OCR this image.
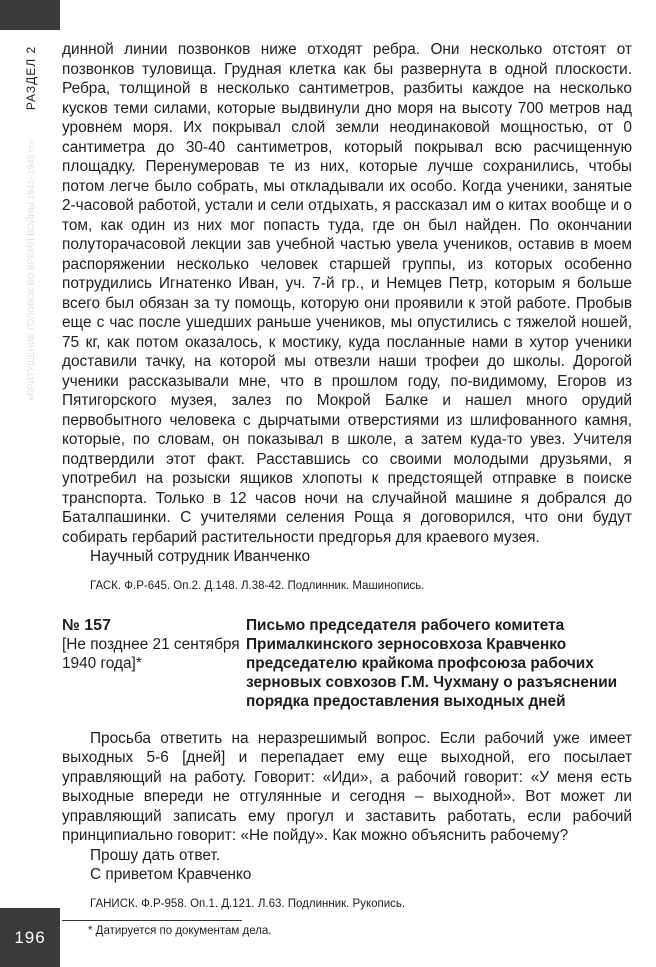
РАЗДЕЛ 2
«ПРИТУШЕНИЕ ГОЛОВОК ВО ВРЕМЯ ВОЙНЫ 1941–1945 гг.»

динной линии позвонков ниже отходят ребра. Они несколько отстоят от позвонков туловища. Грудная клетка как бы развернута в одной плоскости. Ребра, толщиной в несколько сантиметров, разбиты каждое на несколько кусков теми силами, которые выдвинули дно моря на высоту 700 метров над уровнем моря. Их покрывал слой земли неодинаковой мощностью, от 0 сантиметра до 30-40 сантиметров, который покрывал всю расчищенную площадку. Перенумеровав те из них, которые лучше сохранились, чтобы потом легче было собрать, мы откладывали их особо. Когда ученики, занятые 2-часовой работой, устали и сели отдыхать, я рассказал им о китах вообще и о том, как один из них мог попасть туда, где он был найден. По окончании полуторачасовой лекции зав учебной частью увела учеников, оставив в моем распоряжении несколько человек старшей группы, из которых особенно потрудились Игнатенко Иван, уч. 7-й гр., и Немцев Петр, которым я больше всего был обязан за ту помощь, которую они проявили к этой работе. Пробыв еще с час после ушедших раньше учеников, мы опустились с тяжелой ношей, 75 кг, как потом оказалось, к мостику, куда посланные нами в хутор ученики доставили тачку, на которой мы отвезли наши трофеи до школы. Дорогой ученики рассказывали мне, что в прошлом году, по-видимому, Егоров из Пятигорского музея, залез по Мокрой Балке и нашел много орудий первобытного человека с дырчатыми отверстиями из шлифованного камня, которые, по словам, он показывал в школе, а затем куда-то увез. Учителя подтвердили этот факт. Расставшись со своими молодыми друзьями, я употребил на розыски ящиков хлопоты к предстоящей отправке в поиске транспорта. Только в 12 часов ночи на случайной машине я добрался до Баталпашинки. С учителями селения Роща я договорился, что они будут собирать гербарий растительности предгорья для краевого музея.

Научный сотрудник Иванченко

ГАСК. Ф.Р-645. Оп.2. Д.148. Л.38-42. Подлинник. Машинопись.

№ 157
[Не позднее 21 сентября 1940 года]*
Письмо председателя рабочего комитета Прималкинского зерносовхоза Кравченко председателю крайкома профсоюза рабочих зерновых совхозов Г.М. Чухману о разъяснении порядка предоставления выходных дней

Просьба ответить на неразрешимый вопрос. Если рабочий уже имеет выходных 5-6 [дней] и перепадает ему еще выходной, его посылает управляющий на работу. Говорит: «Иди», а рабочий говорит: «У меня есть выходные впереди не отгулянные и сегодня – выходной». Вот может ли управляющий записать ему прогул и заставить работать, если рабочий принципиально говорит: «Не пойду». Как можно объяснить рабочему?

Прошу дать ответ.

С приветом Кравченко

ГАНИСК. Ф.Р-958. Оп.1. Д.121. Л.63. Подлинник. Рукопись.

* Датируется по документам дела.

196
